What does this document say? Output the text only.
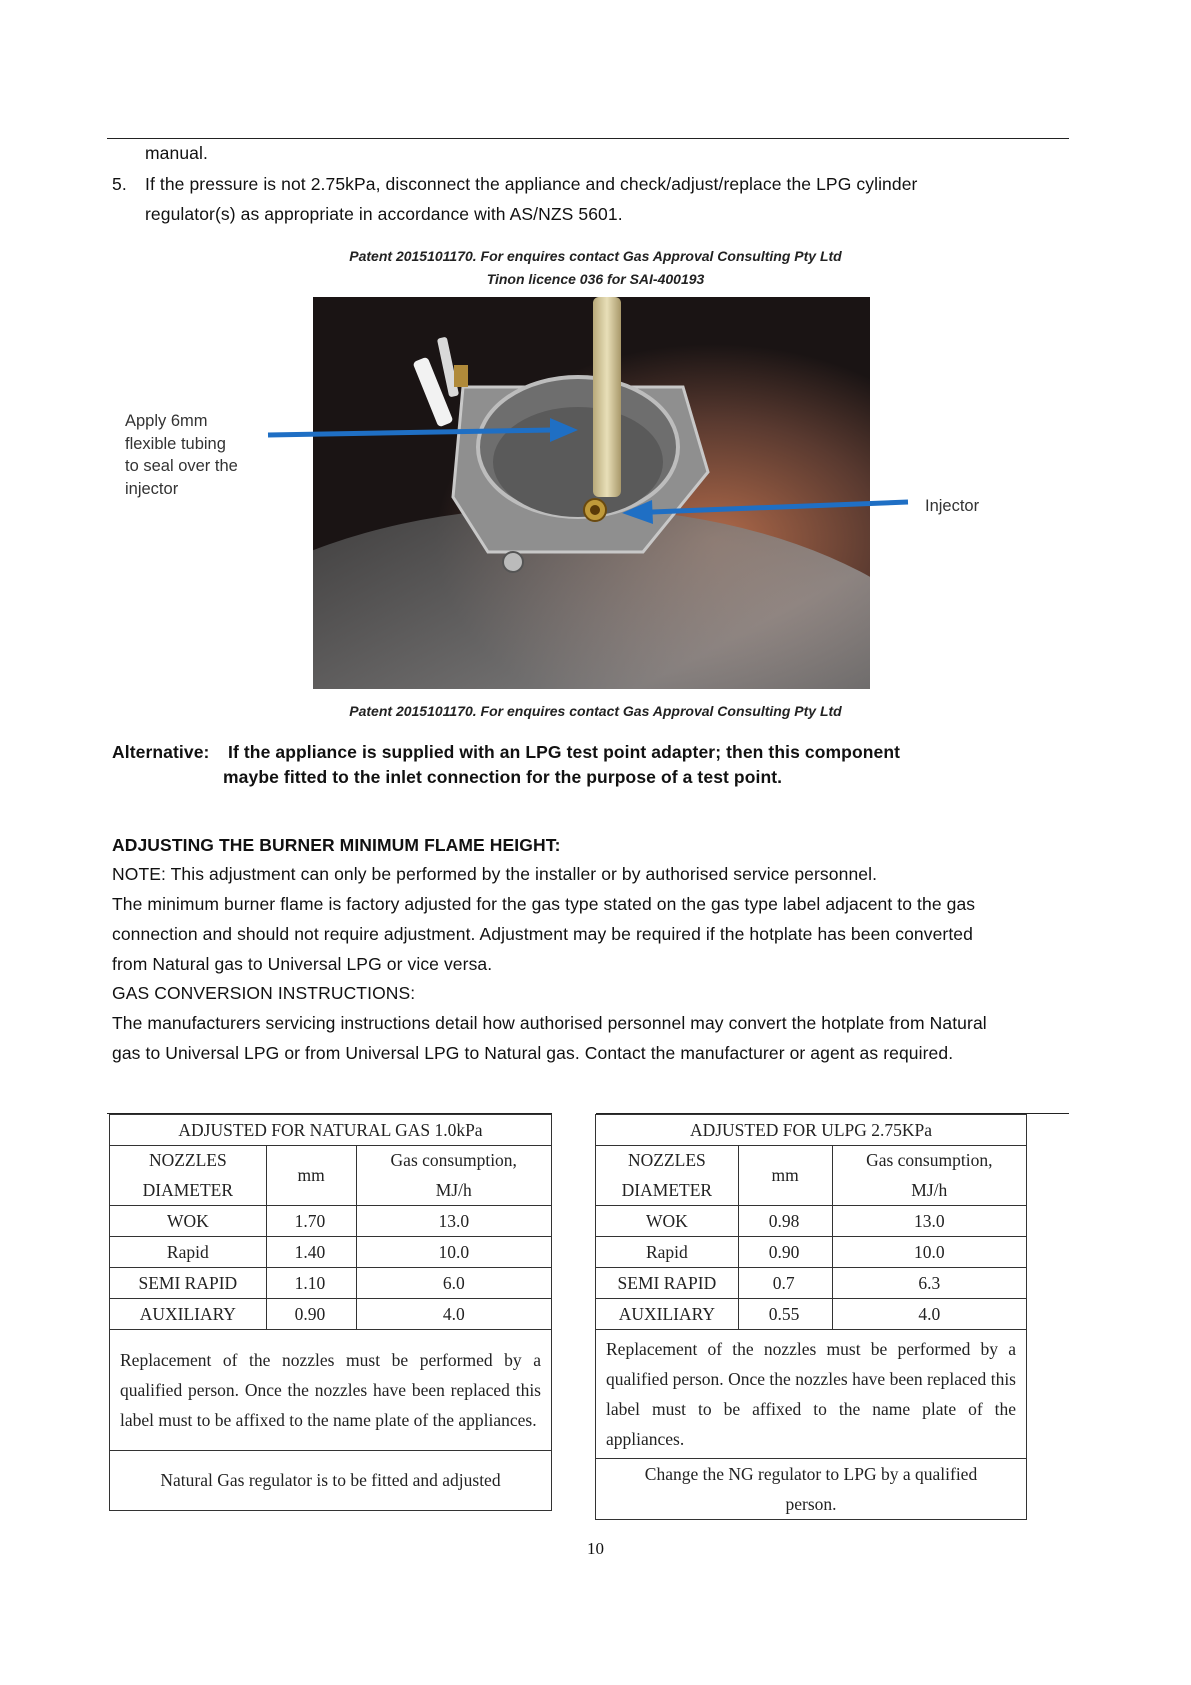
manual.
5. If the pressure is not 2.75kPa, disconnect the appliance and check/adjust/replace the LPG cylinder
regulator(s) as appropriate in accordance with AS/NZS 5601.
Patent 2015101170. For enquires contact Gas Approval Consulting Pty Ltd
Tinon licence 036 for SAI-400193
Apply 6mm
flexible tubing
to seal over the
injector
Injector
Patent 2015101170. For enquires contact Gas Approval Consulting Pty Ltd
Alternative: If the appliance is supplied with an LPG test point adapter; then this component
maybe fitted to the inlet connection for the purpose of a test point.
ADJUSTING THE BURNER MINIMUM FLAME HEIGHT:
NOTE: This adjustment can only be performed by the installer or by authorised service personnel.
The minimum burner flame is factory adjusted for the gas type stated on the gas type label adjacent to the gas
connection and should not require adjustment. Adjustment may be required if the hotplate has been converted
from Natural gas to Universal LPG or vice versa.
GAS CONVERSION INSTRUCTIONS:
The manufacturers servicing instructions detail how authorised personnel may convert the hotplate from Natural
gas to Universal LPG or from Universal LPG to Natural gas. Contact the manufacturer or agent as required.
ADJUSTED FOR NATURAL GAS 1.0kPa		
NOZZLES	mm	Gas consumption,
DIAMETER		MJ/h
WOK	1.70	13.0
Rapid	1.40	10.0
SEMI RAPID	1.10	6.0
AUXILIARY	0.90	4.0
Replacement of the nozzles must be performed by a qualified person. Once the nozzles have been replaced this label must to be affixed to the name plate of the appliances.		
Natural Gas regulator is to be fitted and adjusted		
ADJUSTED FOR ULPG 2.75KPa		
NOZZLES	mm	Gas consumption,
DIAMETER		MJ/h
WOK	0.98	13.0
Rapid	0.90	10.0
SEMI RAPID	0.7	6.3
AUXILIARY	0.55	4.0
Replacement of the nozzles must be performed by a qualified person. Once the nozzles have been replaced this label must to be affixed to the name plate of the appliances.		
Change the NG regulator to LPG by a qualified person.		
10
